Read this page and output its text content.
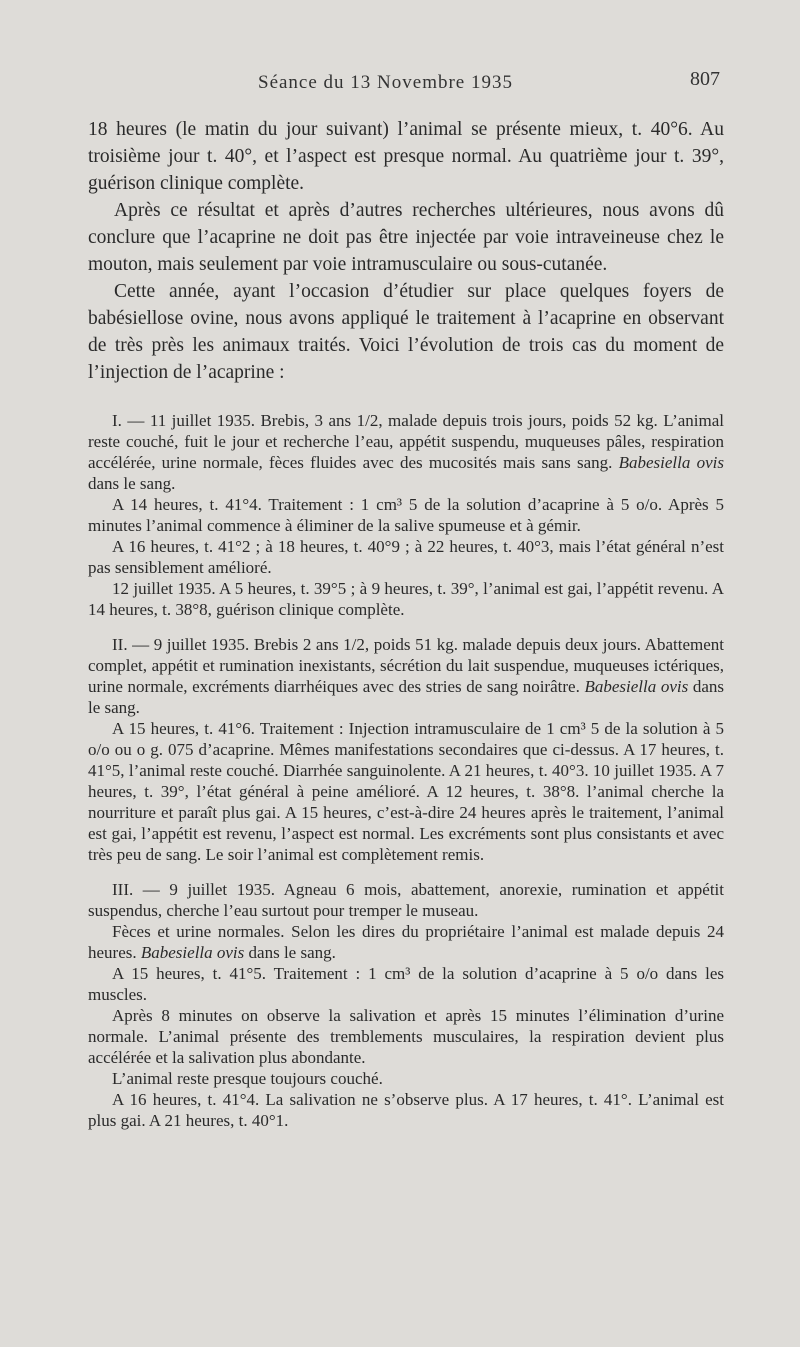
Séance du 13 Novembre 1935	807

18 heures (le matin du jour suivant) l’animal se présente mieux, t. 40°6. Au troisième jour t. 40°, et l’aspect est presque normal. Au quatrième jour t. 39°, guérison clinique complète.

Après ce résultat et après d’autres recherches ultérieures, nous avons dû conclure que l’acaprine ne doit pas être injectée par voie intraveineuse chez le mouton, mais seulement par voie intramusculaire ou sous-cutanée.

Cette année, ayant l’occasion d’étudier sur place quelques foyers de babésiellose ovine, nous avons appliqué le traitement à l’acaprine en observant de très près les animaux traités. Voici l’évolution de trois cas du moment de l’injection de l’acaprine :

I. — 11 juillet 1935. Brebis, 3 ans 1/2, malade depuis trois jours, poids 52 kg. L’animal reste couché, fuit le jour et recherche l’eau, appétit suspendu, muqueuses pâles, respiration accélérée, urine normale, fèces fluides avec des mucosités mais sans sang. Babesiella ovis dans le sang.

A 14 heures, t. 41°4. Traitement : 1 cm³ 5 de la solution d’acaprine à 5 o/o. Après 5 minutes l’animal commence à éliminer de la salive spumeuse et à gémir.

A 16 heures, t. 41°2 ; à 18 heures, t. 40°9 ; à 22 heures, t. 40°3, mais l’état général n’est pas sensiblement amélioré.

12 juillet 1935. A 5 heures, t. 39°5 ; à 9 heures, t. 39°, l’animal est gai, l’appétit revenu. A 14 heures, t. 38°8, guérison clinique complète.

II. — 9 juillet 1935. Brebis 2 ans 1/2, poids 51 kg. malade depuis deux jours. Abattement complet, appétit et rumination inexistants, sécrétion du lait suspendue, muqueuses ictériques, urine normale, excréments diarrhéiques avec des stries de sang noirâtre. Babesiella ovis dans le sang.

A 15 heures, t. 41°6. Traitement : Injection intramusculaire de 1 cm³ 5 de la solution à 5 o/o ou o g. 075 d’acaprine. Mêmes manifestations secondaires que ci-dessus. A 17 heures, t. 41°5, l’animal reste couché. Diarrhée sanguinolente. A 21 heures, t. 40°3. 10 juillet 1935. A 7 heures, t. 39°, l’état général à peine amélioré. A 12 heures, t. 38°8. l’animal cherche la nourriture et paraît plus gai. A 15 heures, c’est-à-dire 24 heures après le traitement, l’animal est gai, l’appétit est revenu, l’aspect est normal. Les excréments sont plus consistants et avec très peu de sang. Le soir l’animal est complètement remis.

III. — 9 juillet 1935. Agneau 6 mois, abattement, anorexie, rumination et appétit suspendus, cherche l’eau surtout pour tremper le museau.

Fèces et urine normales. Selon les dires du propriétaire l’animal est malade depuis 24 heures. Babesiella ovis dans le sang.

A 15 heures, t. 41°5. Traitement : 1 cm³ de la solution d’acaprine à 5 o/o dans les muscles.

Après 8 minutes on observe la salivation et après 15 minutes l’élimination d’urine normale. L’animal présente des tremblements musculaires, la respiration devient plus accélérée et la salivation plus abondante.

L’animal reste presque toujours couché.

A 16 heures, t. 41°4. La salivation ne s’observe plus. A 17 heures, t. 41°. L’animal est plus gai. A 21 heures, t. 40°1.
